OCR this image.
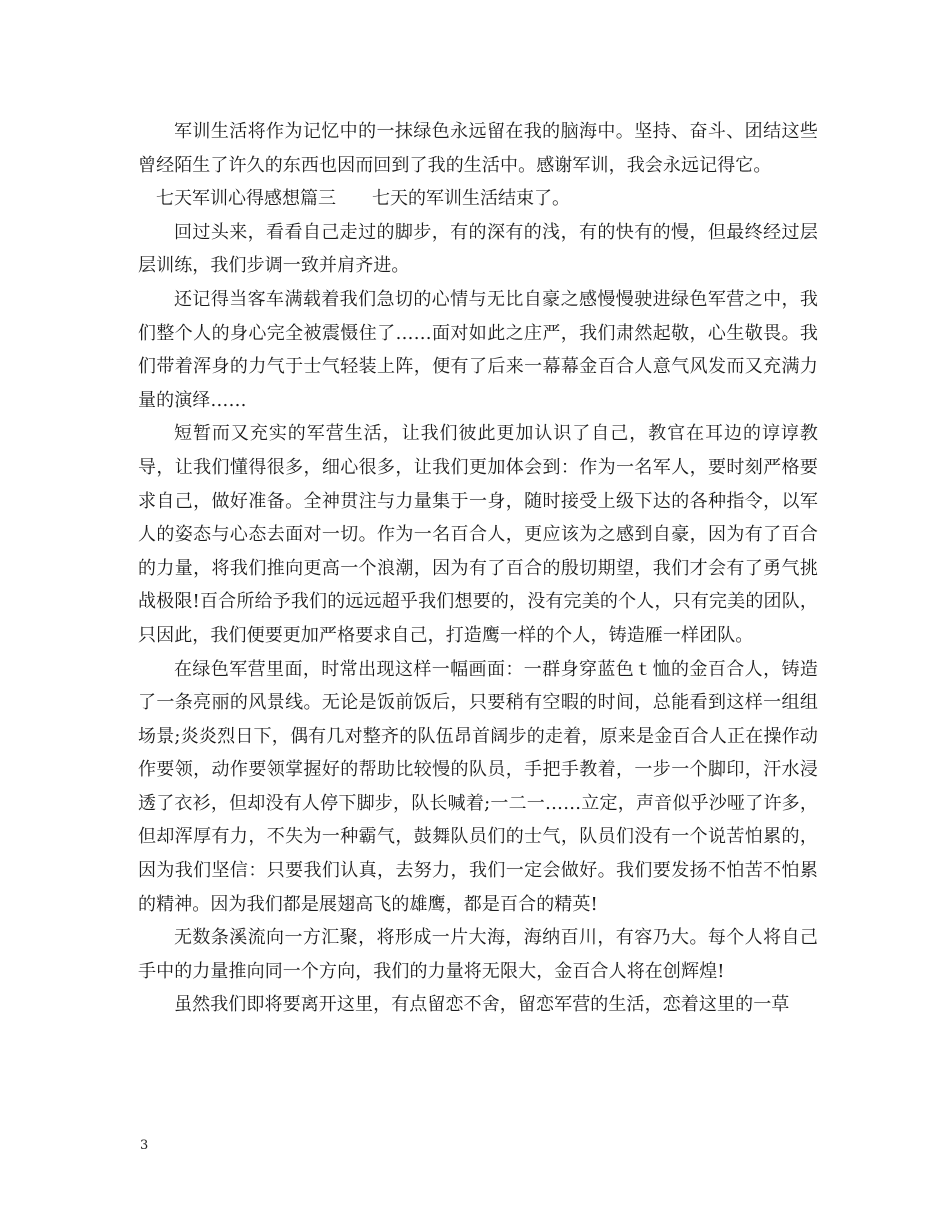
军训生活将作为记忆中的一抹绿色永远留在我的脑海中。坚持、奋斗、团结这些曾经陌生了许久的东西也因而回到了我的生活中。感谢军训，我会永远记得它。

七天军训心得感想篇三 七天的军训生活结束了。

回过头来，看看自己走过的脚步，有的深有的浅，有的快有的慢，但最终经过层层训练，我们步调一致并肩齐进。

还记得当客车满载着我们急切的心情与无比自豪之感慢慢驶进绿色军营之中，我们整个人的身心完全被震慑住了……面对如此之庄严，我们肃然起敬，心生敬畏。我们带着浑身的力气于士气轻装上阵，便有了后来一幕幕金百合人意气风发而又充满力量的演绎……

短暂而又充实的军营生活，让我们彼此更加认识了自己，教官在耳边的谆谆教导，让我们懂得很多，细心很多，让我们更加体会到：作为一名军人，要时刻严格要求自己，做好准备。全神贯注与力量集于一身，随时接受上级下达的各种指令，以军人的姿态与心态去面对一切。作为一名百合人，更应该为之感到自豪，因为有了百合的力量，将我们推向更高一个浪潮，因为有了百合的殷切期望，我们才会有了勇气挑战极限!百合所给予我们的远远超乎我们想要的，没有完美的个人，只有完美的团队，只因此，我们便要更加严格要求自己，打造鹰一样的个人，铸造雁一样团队。

在绿色军营里面，时常出现这样一幅画面：一群身穿蓝色ｔ恤的金百合人，铸造了一条亮丽的风景线。无论是饭前饭后，只要稍有空暇的时间，总能看到这样一组组场景;炎炎烈日下，偶有几对整齐的队伍昂首阔步的走着，原来是金百合人正在操作动作要领，动作要领掌握好的帮助比较慢的队员，手把手教着，一步一个脚印，汗水浸透了衣衫，但却没有人停下脚步，队长喊着;一二一……立定，声音似乎沙哑了许多，但却浑厚有力，不失为一种霸气，鼓舞队员们的士气，队员们没有一个说苦怕累的，因为我们坚信：只要我们认真，去努力，我们一定会做好。我们要发扬不怕苦不怕累的精神。因为我们都是展翅高飞的雄鹰，都是百合的精英!

无数条溪流向一方汇聚，将形成一片大海，海纳百川，有容乃大。每个人将自己手中的力量推向同一个方向，我们的力量将无限大，金百合人将在创辉煌!

虽然我们即将要离开这里，有点留恋不舍，留恋军营的生活，恋着这里的一草

3
